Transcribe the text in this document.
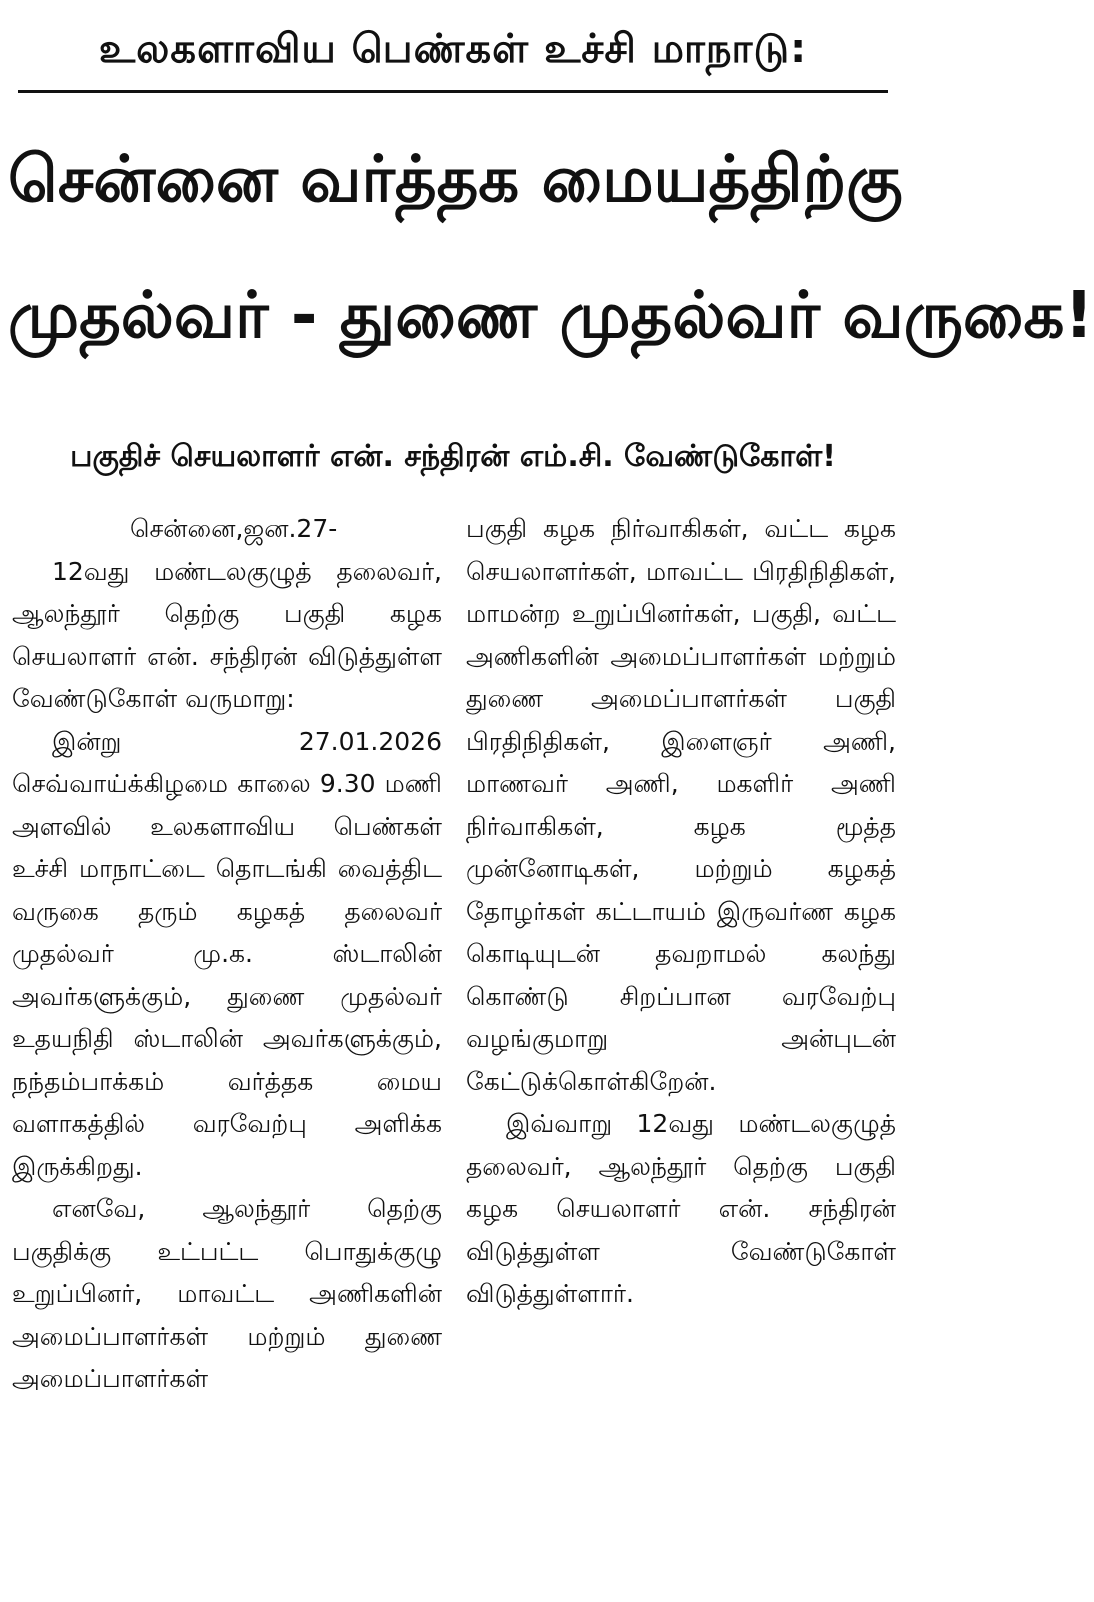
உலகளாவிய பெண்கள் உச்சி மாநாடு:
சென்னை வர்த்தக மையத்திற்கு
முதல்வர் - துணை முதல்வர் வருகை!
பகுதிச் செயலாளர் என். சந்திரன் எம்.சி. வேண்டுகோள்!

சென்னை,ஜன.27-

12வது மண்டலகுழுத் தலைவர், ஆலந்தூர் தெற்கு பகுதி கழக செயலாளர் என். சந்திரன் விடுத்துள்ள வேண்டுகோள் வருமாறு:

இன்று 27.01.2026 செவ்வாய்க்கிழமை காலை 9.30 மணி அளவில் உலகளாவிய பெண்கள் உச்சி மாநாட்டை தொடங்கி வைத்திட வருகை தரும் கழகத் தலைவர் முதல்வர் மு.க. ஸ்டாலின் அவர்களுக்கும், துணை முதல்வர் உதயநிதி ஸ்டாலின் அவர்களுக்கும், நந்தம்பாக்கம் வர்த்தக மைய வளாகத்தில் வரவேற்பு அளிக்க இருக்கிறது.

எனவே, ஆலந்தூர் தெற்கு பகுதிக்கு உட்பட்ட பொதுக்குழு உறுப்பினர், மாவட்ட அணிகளின் அமைப்பாளர்கள் மற்றும் துணை அமைப்பாளர்கள்

பகுதி கழக நிர்வாகிகள், வட்ட கழக செயலாளர்கள், மாவட்ட பிரதிநிதிகள், மாமன்ற உறுப்பினர்கள், பகுதி, வட்ட அணிகளின் அமைப்பாளர்கள் மற்றும் துணை அமைப்பாளர்கள் பகுதி பிரதிநிதிகள், இளைஞர் அணி, மாணவர் அணி, மகளிர் அணி நிர்வாகிகள், கழக மூத்த முன்னோடிகள், மற்றும் கழகத் தோழர்கள் கட்டாயம் இருவர்ண கழக கொடியுடன் தவறாமல் கலந்து கொண்டு சிறப்பான வரவேற்பு வழங்குமாறு அன்புடன் கேட்டுக்கொள்கிறேன்.

இவ்வாறு 12வது மண்டலகுழுத் தலைவர், ஆலந்தூர் தெற்கு பகுதி கழக செயலாளர் என். சந்திரன் விடுத்துள்ள வேண்டுகோள் விடுத்துள்ளார்.
